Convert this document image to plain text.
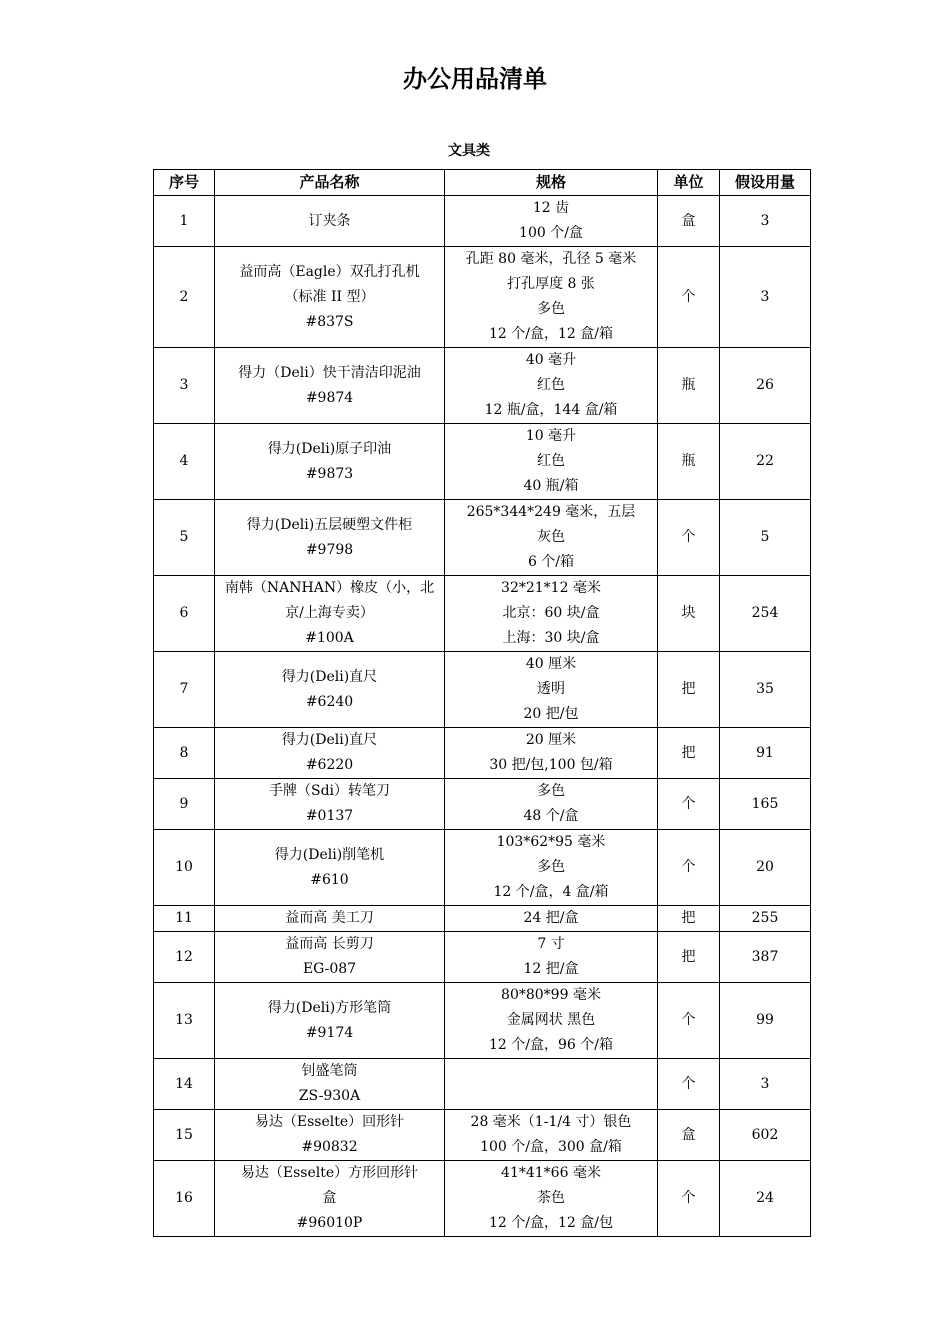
办公用品清单
文具类
序号	产品名称	规格	单位	假设用量
1	订夹条	12 齿
100 个/盒	盒	3
2	益而高（Eagle）双孔打孔机
（标准 II 型）
#837S	孔距 80 毫米，孔径 5 毫米
打孔厚度 8 张
多色
12 个/盒，12 盒/箱	个	3
3	得力（Deli）快干清洁印泥油
#9874	40 毫升
红色
12 瓶/盒，144 盒/箱	瓶	26
4	得力(Deli)原子印油
#9873	10 毫升
红色
40 瓶/箱	瓶	22
5	得力(Deli)五层硬塑文件柜
#9798	265*344*249 毫米，五层
灰色
6 个/箱	个	5
6	南韩（NANHAN）橡皮（小，北
京/上海专卖）
#100A	32*21*12 毫米
北京：60 块/盒
上海：30 块/盒	块	254
7	得力(Deli)直尺
#6240	40 厘米
透明
20 把/包	把	35
8	得力(Deli)直尺
#6220	20 厘米
30 把/包,100 包/箱	把	91
9	手牌（Sdi）转笔刀
#0137	多色
48 个/盒	个	165
10	得力(Deli)削笔机
#610	103*62*95 毫米
多色
12 个/盒，4 盒/箱	个	20
11	益而高 美工刀	24 把/盒	把	255
12	益而高 长剪刀
EG-087	7 寸
12 把/盒	把	387
13	得力(Deli)方形笔筒
#9174	80*80*99 毫米
金属网状 黑色
12 个/盒，96 个/箱	个	99
14	钊盛笔筒
ZS-930A		个	3
15	易达（Esselte）回形针
#90832	28 毫米（1-1/4 寸）银色
100 个/盒，300 盒/箱	盒	602
16	易达（Esselte）方形回形针
盒
#96010P	41*41*66 毫米
茶色
12 个/盒，12 盒/包	个	24
